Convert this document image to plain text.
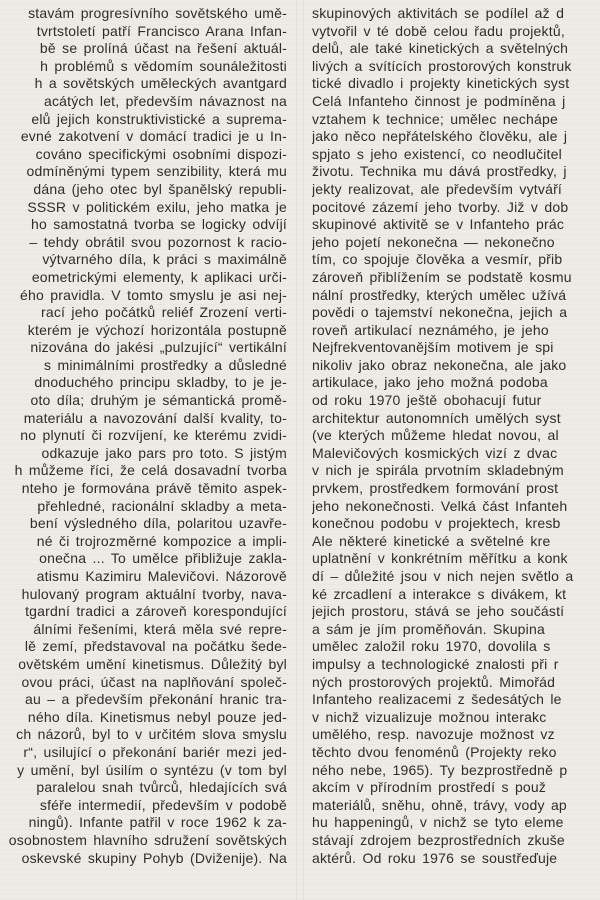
stavám progresívního sovětského umě-
tvrtstoletí patří Francisco Arana Infan-
bě se prolíná účast na řešení aktuál-
h problémů s vědomím sounáležitosti
h a sovětských uměleckých avantgard
acátých let, především návaznost na
elů jejich konstruktivistické a suprema-
evné zakotvení v domácí tradici je u In-
cováno specifickými osobními dispozi-
odmíněnými typem senzibility, která mu
dána (jeho otec byl španělský republi-
SSSR v politickém exilu, jeho matka je
ho samostatná tvorba se logicky odvíjí
– tehdy obrátil svou pozornost k racio-
výtvarného díla, k práci s maximálně
eometrickými elementy, k aplikaci urči-
ého pravidla. V tomto smyslu je asi nej-
rací jeho počátků reliéf Zrození verti-
kterém je výchozí horizontála postupně
nizována do jakési „pulzující“ vertikální
s minimálními prostředky a důsledné
dnoduchého principu skladby, to je je-
oto díla; druhým je sémantická promě-
materiálu a navozování další kvality, to-
no plynutí či rozvíjení, ke kterému zvidi-
odkazuje jako pars pro toto. S jistým
h můžeme říci, že celá dosavadní tvorba
nteho je formována právě těmito aspek-
přehledné, racionální skladby a meta-
bení výsledného díla, polaritou uzavře-
né či trojrozměrné kompozice a impli-
onečna ... To umělce přibližuje zakla-
atismu Kazimiru Malevičovi. Názorově
hulovaný program aktuální tvorby, nava-
tgardní tradici a zároveň korespondující
álními řešeními, která měla své repre-
lě zemí, představoval na počátku šede-
ovětském umění kinetismus. Důležitý byl
ovou práci, účast na naplňování společ-
au – a především překonání hranic tra-
ného díla. Kinetismus nebyl pouze jed-
ch názorů, byl to v určitém slova smyslu
r“, usilující o překonání bariér mezi jed-
y umění, byl úsilím o syntézu (v tom byl
paralelou snah tvůrců, hledajících svá
sféře intermedií, především v podobě
ningů). Infante patřil v roce 1962 k za-
osobnostem hlavního sdružení sovětských
oskevské skupiny Pohyb (Dviženije). Na
skupinových aktivitách se podílel až d
vytvořil v té době celou řadu projektů,
delů, ale také kinetických a světelných
livých a svítících prostorových konstruk
tické divadlo i projekty kinetických syst
Celá Infanteho činnost je podmíněna j
vztahem k technice; umělec nechápe
jako něco nepřátelského člověku, ale j
spjato s jeho existencí, co neodlučitel
životu. Technika mu dává prostředky, j
jekty realizovat, ale především vytváří
pocitové zázemí jeho tvorby. Již v dob
skupinové aktivitě se v Infanteho prác
jeho pojetí nekonečna — nekonečno
tím, co spojuje člověka a vesmír, přib
zároveň přiblížením se podstatě kosmu
nální prostředky, kterých umělec užívá
povědi o tajemství nekonečna, jejich a
roveň artikulací neznámého, je jeho
Nejfrekventovanějším motivem je spi
nikoliv jako obraz nekonečna, ale jako
artikulace, jako jeho možná podoba
od roku 1970 ještě obohacují futur
architektur autonomních umělých syst
(ve kterých můžeme hledat novou, al
Malevičových kosmických vizí z dvac
v nich je spirála prvotním skladebným
prvkem, prostředkem formování prost
jeho nekonečnosti. Velká část Infanteh
konečnou podobu v projektech, kresb
Ale některé kinetické a světelné kre
uplatnění v konkrétním měřítku a konk
dí – důležité jsou v nich nejen světlo a
ké zrcadlení a interakce s divákem, kt
jejich prostoru, stává se jeho součástí
a sám je jím proměňován. Skupina
umělec založil roku 1970, dovolila s
impulsy a technologické znalosti při r
ných prostorových projektů. Mimořád
Infanteho realizacemi z šedesátých le
v nichž vizualizuje možnou interakc
umělého, resp. navozuje možnost vz
těchto dvou fenoménů (Projekty reko
ného nebe, 1965). Ty bezprostředně p
akcím v přírodním prostředí s použ
materiálů, sněhu, ohně, trávy, vody ap
hu happeningů, v nichž se tyto eleme
stávají zdrojem bezprostředních zkuše
aktérů. Od roku 1976 se soustřeďuje
